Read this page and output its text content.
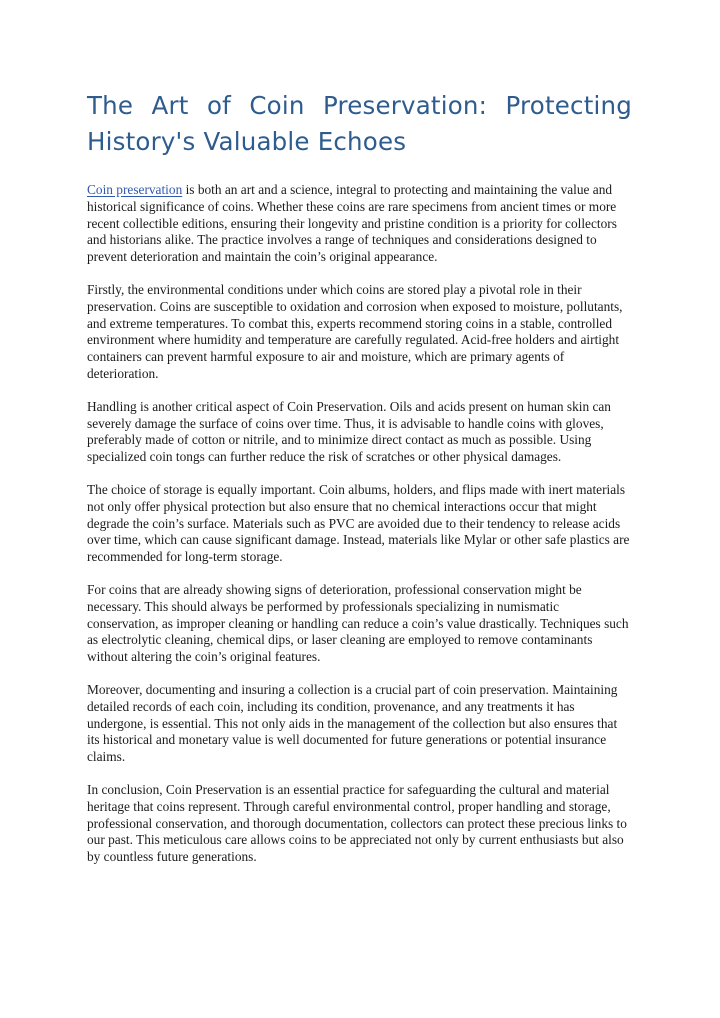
The Art of Coin Preservation: Protecting
History's Valuable Echoes

Coin preservation is both an art and a science, integral to protecting and maintaining the value and historical significance of coins. Whether these coins are rare specimens from ancient times or more recent collectible editions, ensuring their longevity and pristine condition is a priority for collectors and historians alike. The practice involves a range of techniques and considerations designed to prevent deterioration and maintain the coin’s original appearance.

Firstly, the environmental conditions under which coins are stored play a pivotal role in their preservation. Coins are susceptible to oxidation and corrosion when exposed to moisture, pollutants, and extreme temperatures. To combat this, experts recommend storing coins in a stable, controlled environment where humidity and temperature are carefully regulated. Acid-free holders and airtight containers can prevent harmful exposure to air and moisture, which are primary agents of deterioration.

Handling is another critical aspect of Coin Preservation. Oils and acids present on human skin can severely damage the surface of coins over time. Thus, it is advisable to handle coins with gloves, preferably made of cotton or nitrile, and to minimize direct contact as much as possible. Using specialized coin tongs can further reduce the risk of scratches or other physical damages.

The choice of storage is equally important. Coin albums, holders, and flips made with inert materials not only offer physical protection but also ensure that no chemical interactions occur that might degrade the coin’s surface. Materials such as PVC are avoided due to their tendency to release acids over time, which can cause significant damage. Instead, materials like Mylar or other safe plastics are recommended for long-term storage.

For coins that are already showing signs of deterioration, professional conservation might be necessary. This should always be performed by professionals specializing in numismatic conservation, as improper cleaning or handling can reduce a coin’s value drastically. Techniques such as electrolytic cleaning, chemical dips, or laser cleaning are employed to remove contaminants without altering the coin’s original features.

Moreover, documenting and insuring a collection is a crucial part of coin preservation. Maintaining detailed records of each coin, including its condition, provenance, and any treatments it has undergone, is essential. This not only aids in the management of the collection but also ensures that its historical and monetary value is well documented for future generations or potential insurance claims.

In conclusion, Coin Preservation is an essential practice for safeguarding the cultural and material heritage that coins represent. Through careful environmental control, proper handling and storage, professional conservation, and thorough documentation, collectors can protect these precious links to our past. This meticulous care allows coins to be appreciated not only by current enthusiasts but also by countless future generations.
